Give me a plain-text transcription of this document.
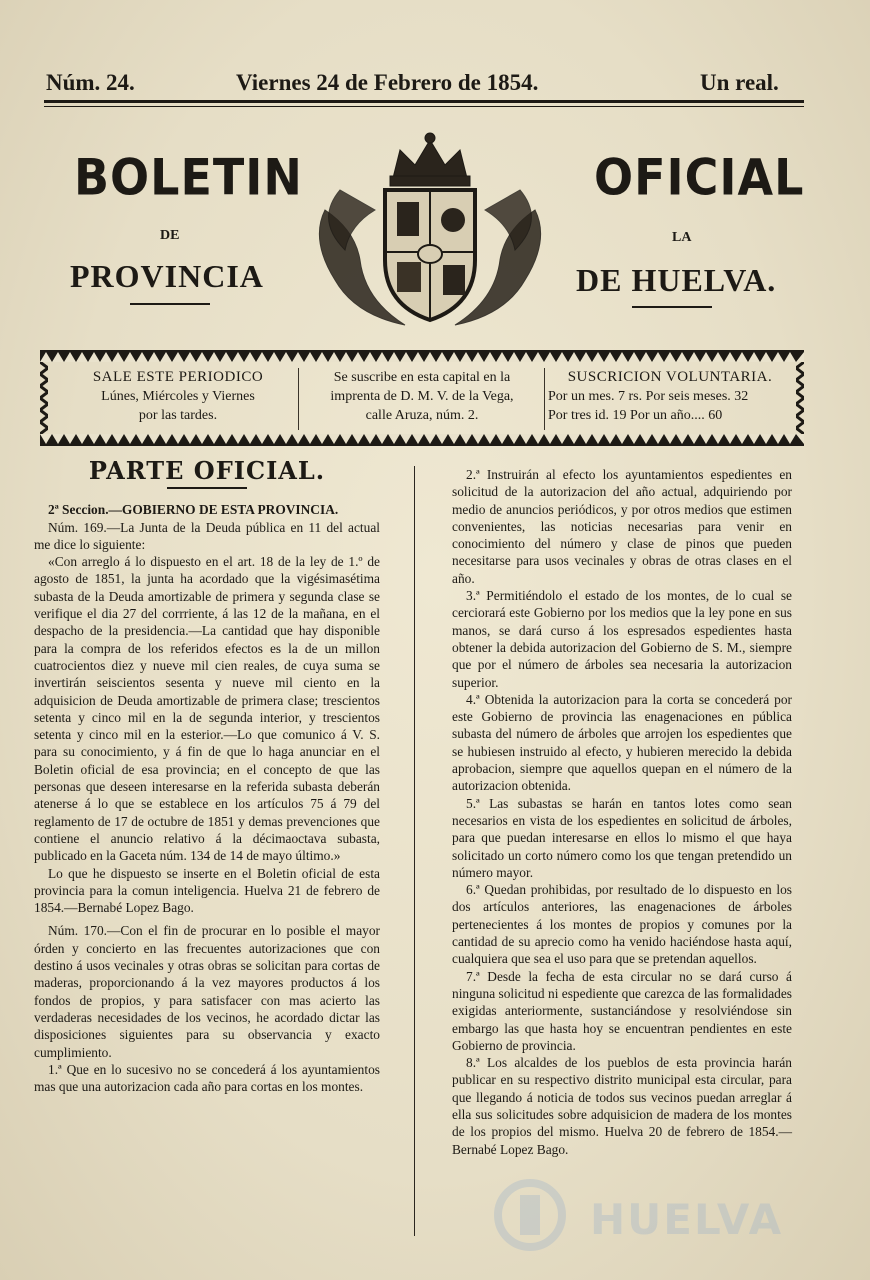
Núm. 24.	Viernes 24 de Febrero de 1854.	Un real.
BOLETIN	OFICIAL
DE	LA
PROVINCIA	DE HUELVA.
SALE ESTE PERIODICO
Lúnes, Miércoles y Viernes
por las tardes.
Se suscribe en esta capital en la
imprenta de D. M. V. de la Vega,
calle Aruza, núm. 2.
SUSCRICION VOLUNTARIA.
Por un mes. 7 rs. Por seis meses. 32
Por tres id. 19 Por un año.... 60
PARTE OFICIAL.

2ª Seccion.—GOBIERNO DE ESTA PROVINCIA.

Núm. 169.—La Junta de la Deuda pública en 11 del actual me dice lo siguiente:

«Con arreglo á lo dispuesto en el art. 18 de la ley de 1.º de agosto de 1851, la junta ha acordado que la vigésimasétima subasta de la Deuda amortizable de primera y segunda clase se verifique el dia 27 del corrriente, á las 12 de la mañana, en el despacho de la presidencia.—La cantidad que hay disponible para la compra de los referidos efectos es la de un millon cuatrocientos diez y nueve mil cien reales, de cuya suma se invertirán seiscientos sesenta y nueve mil ciento en la adquisicion de Deuda amortizable de primera clase; trescientos setenta y cinco mil en la de segunda interior, y trescientos setenta y cinco mil en la esterior.—Lo que comunico á V. S. para su conocimiento, y á fin de que lo haga anunciar en el Boletin oficial de esa provincia; en el concepto de que las personas que deseen interesarse en la referida subasta deberán atenerse á lo que se establece en los artículos 75 á 79 del reglamento de 17 de octubre de 1851 y demas prevenciones que contiene el anuncio relativo á la décimaoctava subasta, publicado en la Gaceta núm. 134 de 14 de mayo último.»

Lo que he dispuesto se inserte en el Boletin oficial de esta provincia para la comun inteligencia. Huelva 21 de febrero de 1854.—Bernabé Lopez Bago.

Núm. 170.—Con el fin de procurar en lo posible el mayor órden y concierto en las frecuentes autorizaciones que con destino á usos vecinales y otras obras se solicitan para cortas de maderas, proporcionando á la vez mayores productos á los fondos de propios, y para satisfacer con mas acierto las verdaderas necesidades de los vecinos, he acordado dictar las disposiciones siguientes para su observancia y exacto cumplimiento.

1.ª Que en lo sucesivo no se concederá á los ayuntamientos mas que una autorizacion cada año para cortas en los montes.

2.ª Instruirán al efecto los ayuntamientos espedientes en solicitud de la autorizacion del año actual, adquiriendo por medio de anuncios periódicos, y por otros medios que estimen convenientes, las noticias necesarias para venir en conocimiento del número y clase de pinos que pueden necesitarse para usos vecinales y obras de otras clases en el año.

3.ª Permitiéndolo el estado de los montes, de lo cual se cerciorará este Gobierno por los medios que la ley pone en sus manos, se dará curso á los espresados espedientes hasta obtener la debida autorizacion del Gobierno de S. M., siempre que por el número de árboles sea necesaria la autorizacion superior.

4.ª Obtenida la autorizacion para la corta se concederá por este Gobierno de provincia las enagenaciones en pública subasta del número de árboles que arrojen los espedientes que se hubiesen instruido al efecto, y hubieren merecido la debida aprobacion, siempre que aquellos quepan en el número de la autorizacion obtenida.

5.ª Las subastas se harán en tantos lotes como sean necesarios en vista de los espedientes en solicitud de árboles, para que puedan interesarse en ellos lo mismo el que haya solicitado un corto número como los que tengan pretendido un número mayor.

6.ª Quedan prohibidas, por resultado de lo dispuesto en los dos artículos anteriores, las enagenaciones de árboles pertenecientes á los montes de propios y comunes por la cantidad de su aprecio como ha venido haciéndose hasta aquí, cualquiera que sea el uso para que se pretendan aquellos.

7.ª Desde la fecha de esta circular no se dará curso á ninguna solicitud ni espediente que carezca de las formalidades exigidas anteriormente, sustanciándose y resolviéndose sin embargo las que hasta hoy se encuentran pendientes en este Gobierno de provincia.

8.ª Los alcaldes de los pueblos de esta provincia harán publicar en su respectivo distrito municipal esta circular, para que llegando á noticia de todos sus vecinos puedan arreglar á ella sus solicitudes sobre adquisicion de madera de los montes de los propios del mismo. Huelva 20 de febrero de 1854.—Bernabé Lopez Bago.

HUELVA
